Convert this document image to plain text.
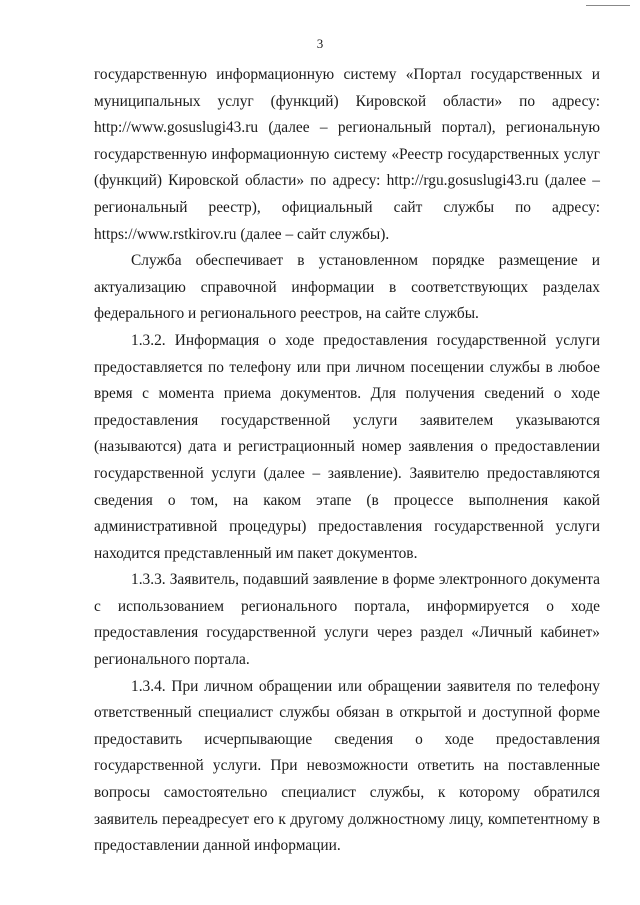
3

государственную информационную систему «Портал государственных и муниципальных услуг (функций) Кировской области» по адресу: http://www.gosuslugi43.ru (далее – региональный портал), региональную государственную информационную систему «Реестр государственных услуг (функций) Кировской области» по адресу: http://rgu.gosuslugi43.ru (далее – региональный реестр), официальный сайт службы по адресу: https://www.rstkirov.ru (далее – сайт службы).

Служба обеспечивает в установленном порядке размещение и актуализацию справочной информации в соответствующих разделах федерального и регионального реестров, на сайте службы.

1.3.2. Информация о ходе предоставления государственной услуги предоставляется по телефону или при личном посещении службы в любое время с момента приема документов. Для получения сведений о ходе предоставления государственной услуги заявителем указываются (называются) дата и регистрационный номер заявления о предоставлении государственной услуги (далее – заявление). Заявителю предоставляются сведения о том, на каком этапе (в процессе выполнения какой административной процедуры) предоставления государственной услуги находится представленный им пакет документов.

1.3.3. Заявитель, подавший заявление в форме электронного документа с использованием регионального портала, информируется о ходе предоставления государственной услуги через раздел «Личный кабинет» регионального портала.

1.3.4. При личном обращении или обращении заявителя по телефону ответственный специалист службы обязан в открытой и доступной форме предоставить исчерпывающие сведения о ходе предоставления государственной услуги. При невозможности ответить на поставленные вопросы самостоятельно специалист службы, к которому обратился заявитель переадресует его к другому должностному лицу, компетентному в предоставлении данной информации.
